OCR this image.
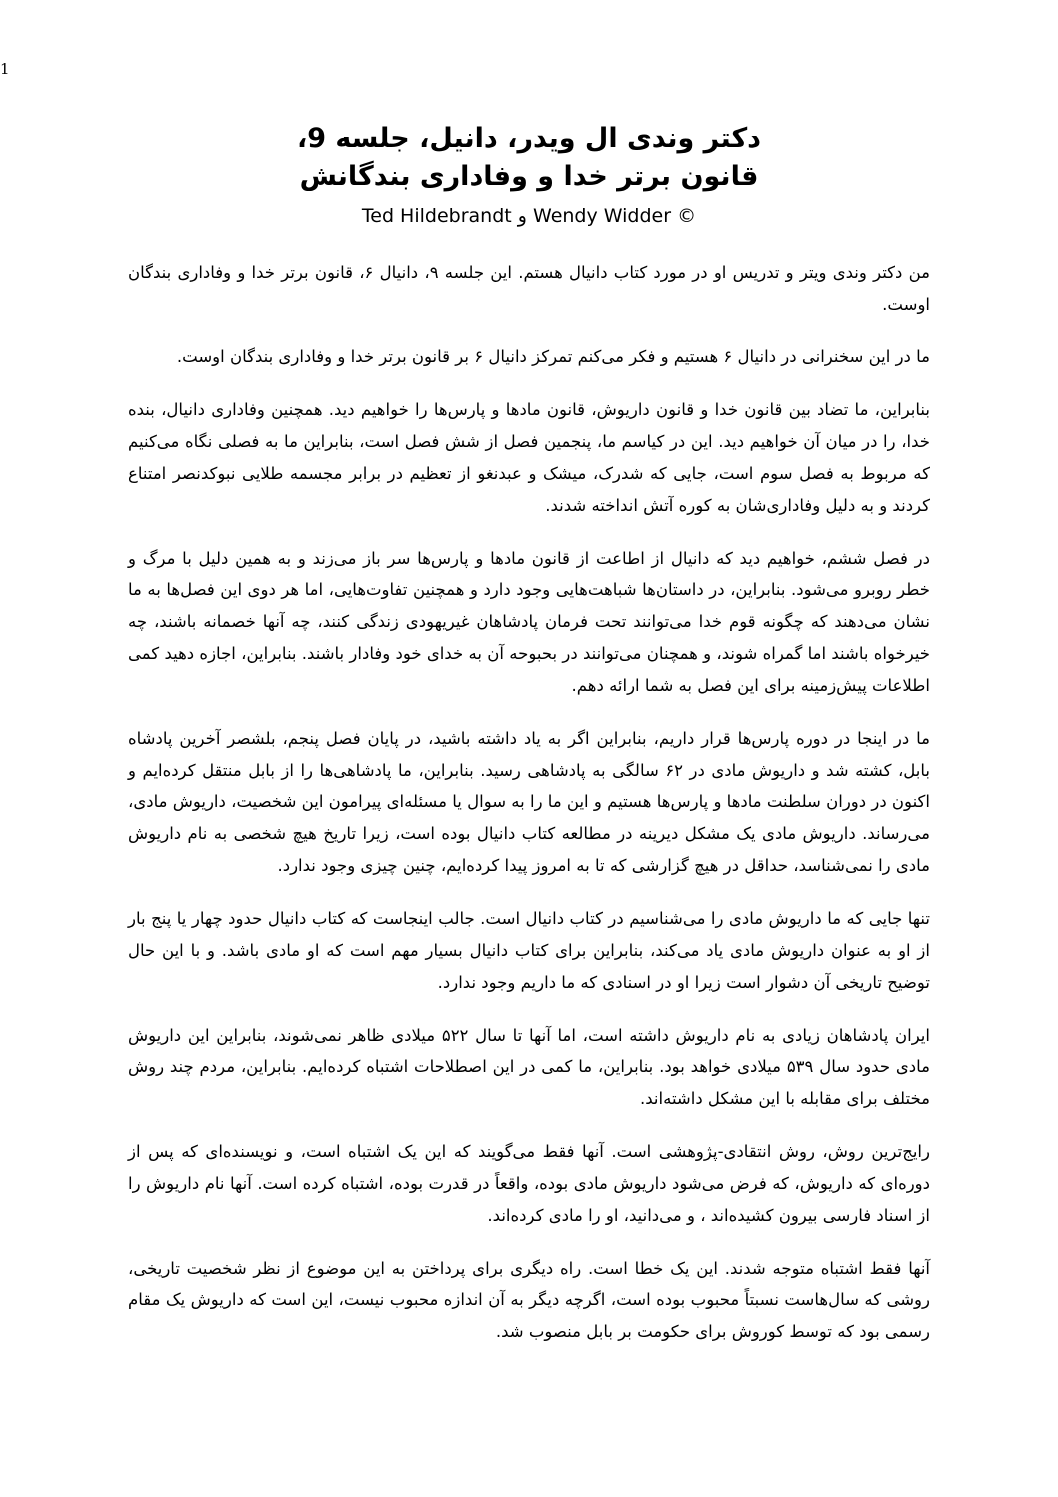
1
دکتر وندی ال ویدر، دانیل، جلسه 9،
قانون برتر خدا و وفاداری بندگانش
© Wendy Widder و Ted Hildebrandt

من دکتر وندی ویتر و تدریس او در مورد کتاب دانیال هستم. این جلسه ۹، دانیال ۶، قانون برتر خدا و وفاداری بندگان اوست.

ما در این سخنرانی در دانیال ۶ هستیم و فکر می‌کنم تمرکز دانیال ۶ بر قانون برتر خدا و وفاداری بندگان اوست.

بنابراین، ما تضاد بین قانون خدا و قانون داریوش، قانون مادها و پارس‌ها را خواهیم دید. همچنین وفاداری دانیال، بنده خدا، را در میان آن خواهیم دید. این در کیاسم ما، پنجمین فصل از شش فصل است، بنابراین ما به فصلی نگاه می‌کنیم که مربوط به فصل سوم است، جایی که شدرک، میشک و عبدنغو از تعظیم در برابر مجسمه طلایی نبوکدنصر امتناع کردند و به دلیل وفاداری‌شان به کوره آتش انداخته شدند.

در فصل ششم، خواهیم دید که دانیال از اطاعت از قانون مادها و پارس‌ها سر باز می‌زند و به همین دلیل با مرگ و خطر روبرو می‌شود. بنابراین، در داستان‌ها شباهت‌هایی وجود دارد و همچنین تفاوت‌هایی، اما هر دوی این فصل‌ها به ما نشان می‌دهند که چگونه قوم خدا می‌توانند تحت فرمان پادشاهان غیریهودی زندگی کنند، چه آنها خصمانه باشند، چه خیرخواه باشند اما گمراه شوند، و همچنان می‌توانند در بحبوحه آن به خدای خود وفادار باشند. بنابراین، اجازه دهید کمی اطلاعات پیش‌زمینه برای این فصل به شما ارائه دهم.

ما در اینجا در دوره پارس‌ها قرار داریم، بنابراین اگر به یاد داشته باشید، در پایان فصل پنجم، بلشصر آخرین پادشاه بابل، کشته شد و داریوش مادی در ۶۲ سالگی به پادشاهی رسید. بنابراین، ما پادشاهی‌ها را از بابل منتقل کرده‌ایم و اکنون در دوران سلطنت مادها و پارس‌ها هستیم و این ما را به سوال یا مسئله‌ای پیرامون این شخصیت، داریوش مادی، می‌رساند. داریوش مادی یک مشکل دیرینه در مطالعه کتاب دانیال بوده است، زیرا تاریخ هیچ شخصی به نام داریوش مادی را نمی‌شناسد، حداقل در هیچ گزارشی که تا به امروز پیدا کرده‌ایم، چنین چیزی وجود ندارد.

تنها جایی که ما داریوش مادی را می‌شناسیم در کتاب دانیال است. جالب اینجاست که کتاب دانیال حدود چهار یا پنج بار از او به عنوان داریوش مادی یاد می‌کند، بنابراین برای کتاب دانیال بسیار مهم است که او مادی باشد. و با این حال توضیح تاریخی آن دشوار است زیرا او در اسنادی که ما داریم وجود ندارد.

ایران پادشاهان زیادی به نام داریوش داشته است، اما آنها تا سال ۵۲۲ میلادی ظاهر نمی‌شوند، بنابراین این داریوش مادی حدود سال ۵۳۹ میلادی خواهد بود. بنابراین، ما کمی در این اصطلاحات اشتباه کرده‌ایم. بنابراین، مردم چند روش مختلف برای مقابله با این مشکل داشته‌اند.

رایج‌ترین روش، روش انتقادی-پژوهشی است. آنها فقط می‌گویند که این یک اشتباه است، و نویسنده‌ای که پس از دوره‌ای که داریوش، که فرض می‌شود داریوش مادی بوده، واقعاً در قدرت بوده، اشتباه کرده است. آنها نام داریوش را از اسناد فارسی بیرون کشیده‌اند ، و می‌دانید، او را مادی کرده‌اند.

آنها فقط اشتباه متوجه شدند. این یک خطا است. راه دیگری برای پرداختن به این موضوع از نظر شخصیت تاریخی، روشی که سال‌هاست نسبتاً محبوب بوده است، اگرچه دیگر به آن اندازه محبوب نیست، این است که داریوش یک مقام رسمی بود که توسط کوروش برای حکومت بر بابل منصوب شد.
